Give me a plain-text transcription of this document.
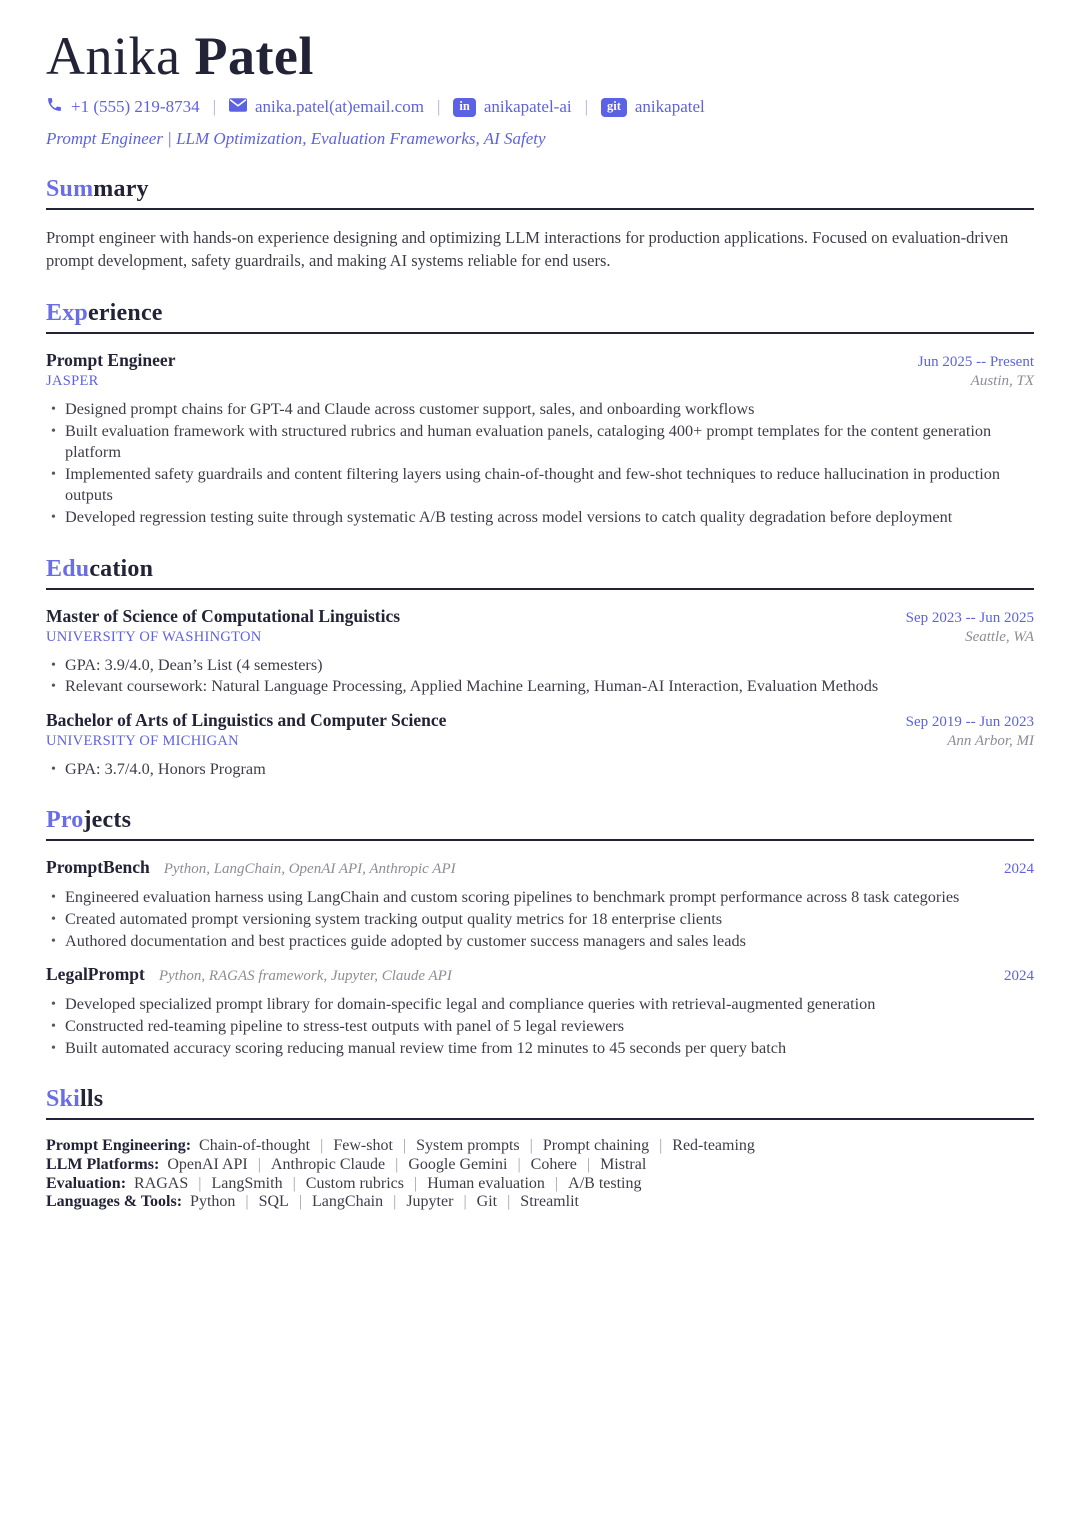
Anika Patel
+1 (555) 219-8734 | anika.patel(at)email.com |	in anikapatel-ai |	git anikapatel
Prompt Engineer | LLM Optimization, Evaluation Frameworks, AI Safety
Summary

Prompt engineer with hands-on experience designing and optimizing LLM interactions for production applications. Focused on evaluation-driven prompt development, safety guardrails, and making AI systems reliable for end users.

Experience
Prompt Engineer	Jun 2025 -- Present
JASPER	Austin, TX
• Designed prompt chains for GPT-4 and Claude across customer support, sales, and onboarding workflows
• Built evaluation framework with structured rubrics and human evaluation panels, cataloging 400+ prompt templates for the content generation platform
• Implemented safety guardrails and content filtering layers using chain-of-thought and few-shot techniques to reduce hallucination in production outputs
• Developed regression testing suite through systematic A/B testing across model versions to catch quality degradation before deployment
Education
Master of Science of Computational Linguistics	Sep 2023 -- Jun 2025
UNIVERSITY OF WASHINGTON	Seattle, WA
• GPA: 3.9/4.0, Dean’s List (4 semesters)
• Relevant coursework: Natural Language Processing, Applied Machine Learning, Human-AI Interaction, Evaluation Methods
Bachelor of Arts of Linguistics and Computer Science	Sep 2019 -- Jun 2023
UNIVERSITY OF MICHIGAN	Ann Arbor, MI
• GPA: 3.7/4.0, Honors Program
Projects
PromptBench Python, LangChain, OpenAI API, Anthropic API	2024
• Engineered evaluation harness using LangChain and custom scoring pipelines to benchmark prompt performance across 8 task categories
• Created automated prompt versioning system tracking output quality metrics for 18 enterprise clients
• Authored documentation and best practices guide adopted by customer success managers and sales leads
LegalPrompt Python, RAGAS framework, Jupyter, Claude API	2024
• Developed specialized prompt library for domain-specific legal and compliance queries with retrieval-augmented generation
• Constructed red-teaming pipeline to stress-test outputs with panel of 5 legal reviewers
• Built automated accuracy scoring reducing manual review time from 12 minutes to 45 seconds per query batch
Skills
Prompt Engineering: Chain-of-thought | Few-shot | System prompts | Prompt chaining | Red-teaming
LLM Platforms: OpenAI API | Anthropic Claude | Google Gemini | Cohere | Mistral
Evaluation: RAGAS | LangSmith | Custom rubrics | Human evaluation | A/B testing
Languages & Tools: Python | SQL | LangChain | Jupyter | Git | Streamlit
